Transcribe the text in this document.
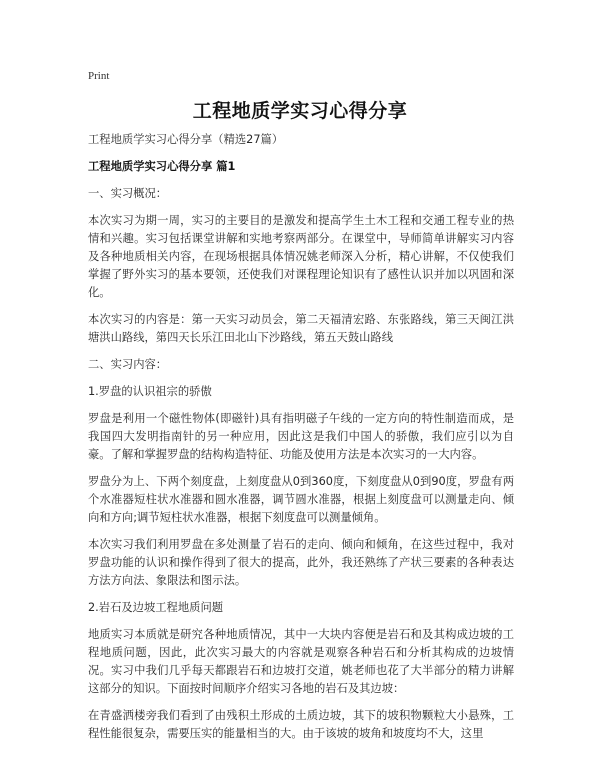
Print
工程地质学实习心得分享

工程地质学实习心得分享（精选27篇）

工程地质学实习心得分享 篇1

一、实习概况：

本次实习为期一周，实习的主要目的是激发和提高学生土木工程和交通工程专业的热情和兴趣。实习包括课堂讲解和实地考察两部分。在课堂中，导师简单讲解实习内容及各种地质相关内容，在现场根据具体情况姚老师深入分析，精心讲解，不仅使我们掌握了野外实习的基本要领，还使我们对课程理论知识有了感性认识并加以巩固和深化。

本次实习的内容是：第一天实习动员会，第二天福清宏路、东张路线，第三天闽江洪塘洪山路线，第四天长乐江田北山下沙路线，第五天鼓山路线

二、实习内容：

1.罗盘的认识祖宗的骄傲

罗盘是利用一个磁性物体(即磁针)具有指明磁子午线的一定方向的特性制造而成，是我国四大发明指南针的另一种应用，因此这是我们中国人的骄傲，我们应引以为自豪。了解和掌握罗盘的结构构造特征、功能及使用方法是本次实习的一大内容。

罗盘分为上、下两个刻度盘，上刻度盘从0到360度，下刻度盘从0到90度，罗盘有两个水准器短柱状水准器和圆水准器，调节圆水准器，根据上刻度盘可以测量走向、倾向和方向;调节短柱状水准器，根据下刻度盘可以测量倾角。

本次实习我们利用罗盘在多处测量了岩石的走向、倾向和倾角，在这些过程中，我对罗盘功能的认识和操作得到了很大的提高，此外，我还熟练了产状三要素的各种表达方法方向法、象限法和图示法。

2.岩石及边坡工程地质问题

地质实习本质就是研究各种地质情况，其中一大块内容便是岩石和及其构成边坡的工程地质问题，因此，此次实习最大的内容就是观察各种岩石和分析其构成的边坡情况。实习中我们几乎每天都跟岩石和边坡打交道，姚老师也花了大半部分的精力讲解这部分的知识。下面按时间顺序介绍实习各地的岩石及其边坡：

在青盛洒楼旁我们看到了由残积土形成的土质边坡，其下的坡积物颗粒大小悬殊，工程性能很复杂，需要压实的能量相当的大。由于该坡的坡角和坡度均不大，这里
